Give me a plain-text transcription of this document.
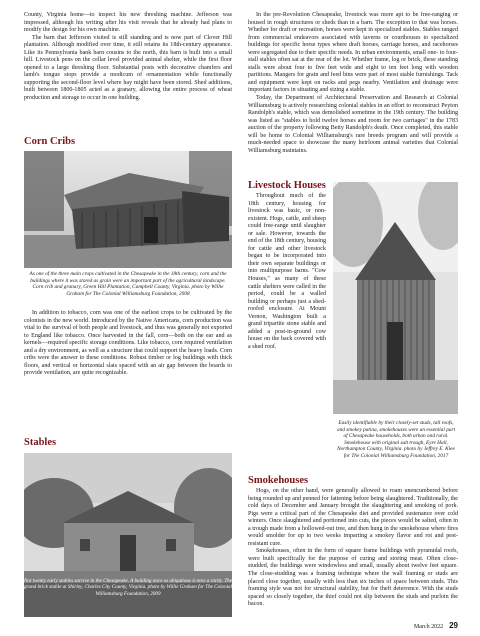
County, Virginia home—to inspect his new threshing machine. Jefferson was impressed, although his writing after his visit reveals that he already had plans to modify the design for his own machine.

The barn that Jefferson visited is still standing and is now part of Clover Hill plantation. Although modified over time, it still retains its 18th-century appearance. Like its Pennsylvania bank barn cousins to the north, this barn is built into a small hill. Livestock pens on the cellar level provided animal shelter, while the first floor opened to a large threshing floor. Substantial posts with decorative chamfers and lamb's tongue stops provide a modicum of ornamentation while functionally supporting the second-floor level where hay might have been stored. Shed additions, built between 1800-1805 acted as a granary, allowing the entire process of wheat production and storage to occur in one building.

Corn Cribs
As one of the three main crops cultivated in the Chesapeake in the 18th century, corn and the buildings where it was stored as grain were an important part of the agricultural landscape. Corn crib and granary, Green Hill Plantation, Campbell County, Virginia. photo by Willie Graham for The Colonial Williamsburg Foundation, 2008

In addition to tobacco, corn was one of the earliest crops to be cultivated by the colonists in the new world. Introduced by the Native Americans, corn production was vital to the survival of both people and livestock, and thus was generally not exported to England like tobacco. Once harvested in the fall, corn—both on the ear and as kernels—required specific storage conditions. Like tobacco, corn required ventilation and a dry environment, as well as a structure that could support the heavy loads. Corn cribs were the answer to these conditions. Robust timber or log buildings with thick floors, and vertical or horizontal slats spaced with an air gap between the boards to provide ventilation, are quite recognizable.

Stables
Not twenty early stables survive in the Chesapeake. A building once so ubiquitous is now a rarity. The grand brick stable at Shirley, Charles City County, Virginia. photo by Willie Graham for The Colonial Williamsburg Foundation, 2009

In the pre-Revolution Chesapeake, livestock was more apt to be free-ranging or housed in rough structures or sheds than in a barn. The exception to that was horses. Whether for draft or recreation, horses were kept in specialized stables. Stables ranged from commercial endeavors associated with taverns or courthouses to specialized buildings for specific horse types where draft horses, carriage horses, and racehorses were segregated due to their specific needs. In urban environments, small one- to four-stall stables often sat at the rear of the lot. Whether frame, log or brick, these standing stalls were about four to five feet wide and eight to ten feet long with wooden partitions. Mangers for grain and feed bins were part of most stable furnishings. Tack and equipment were kept on racks and pegs nearby. Ventilation and drainage were important factors in situating and sizing a stable.

Today, the Department of Architectural Preservation and Research at Colonial Williamsburg is actively researching colonial stables in an effort to reconstruct Peyton Randolph's stable, which was demolished sometime in the 19th century. The building was listed as "stables to hold twelve horses and room for two carriages" in the 1783 auction of the property following Betty Randolph's death. Once completed, this stable will be home to Colonial Williamsburg's rare breeds program and will provide a much-needed space to showcase the many heirloom animal varieties that Colonial Williamsburg maintains.

Livestock Houses

Throughout much of the 18th century, housing for livestock was basic, or non-existent. Hogs, cattle, and sheep could free-range until slaughter or sale. However, towards the end of the 18th century, housing for cattle and other livestock began to be incorporated into their own separate buildings or into multipurpose barns. "Cow Houses," as many of these cattle shelters were called in the period, could be a walled building or perhaps just a shed-roofed enclosure. At Mount Vernon, Washington built a grand tripartite stone stable and added a post-in-ground cow house on the back covered with a shed roof.

Easily identifiable by their closely-set studs, tall roofs, and smokey patina, smokehouses were an essential part of Chesapeake households, both urban and rural. Smokehouse with original salt trough, Eyre Hall, Northampton County, Virginia. photo by Jeffrey E. Klee for The Colonial Williamsburg Foundation, 2017
Smokehouses

Hogs, on the other hand, were generally allowed to roam unencumbered before being rounded up and penned for fattening before being slaughtered. Traditionally, the cold days of December and January brought the slaughtering and smoking of pork. Pigs were a critical part of the Chesapeake diet and provided sustenance over cold winters. Once slaughtered and portioned into cuts, the pieces would be salted, often in a trough made from a hollowed-out tree, and then hung in the smokehouse where fires would smolder for up to two weeks imparting a smokey flavor and rot and pest-resistant cure.

Smokehouses, often in the form of square frame buildings with pyramidal roofs, were built specifically for the purpose of curing and storing meat. Often close-studded, the buildings were windowless and small, usually about twelve feet square. The close-studding was a framing technique where the wall framing or studs are placed close together, usually with less than six inches of space between studs. This framing style was not for structural stability, but for theft deterrence. With the studs spaced so closely together, the thief could not slip between the studs and purloin the bacon.

March 2022 29
